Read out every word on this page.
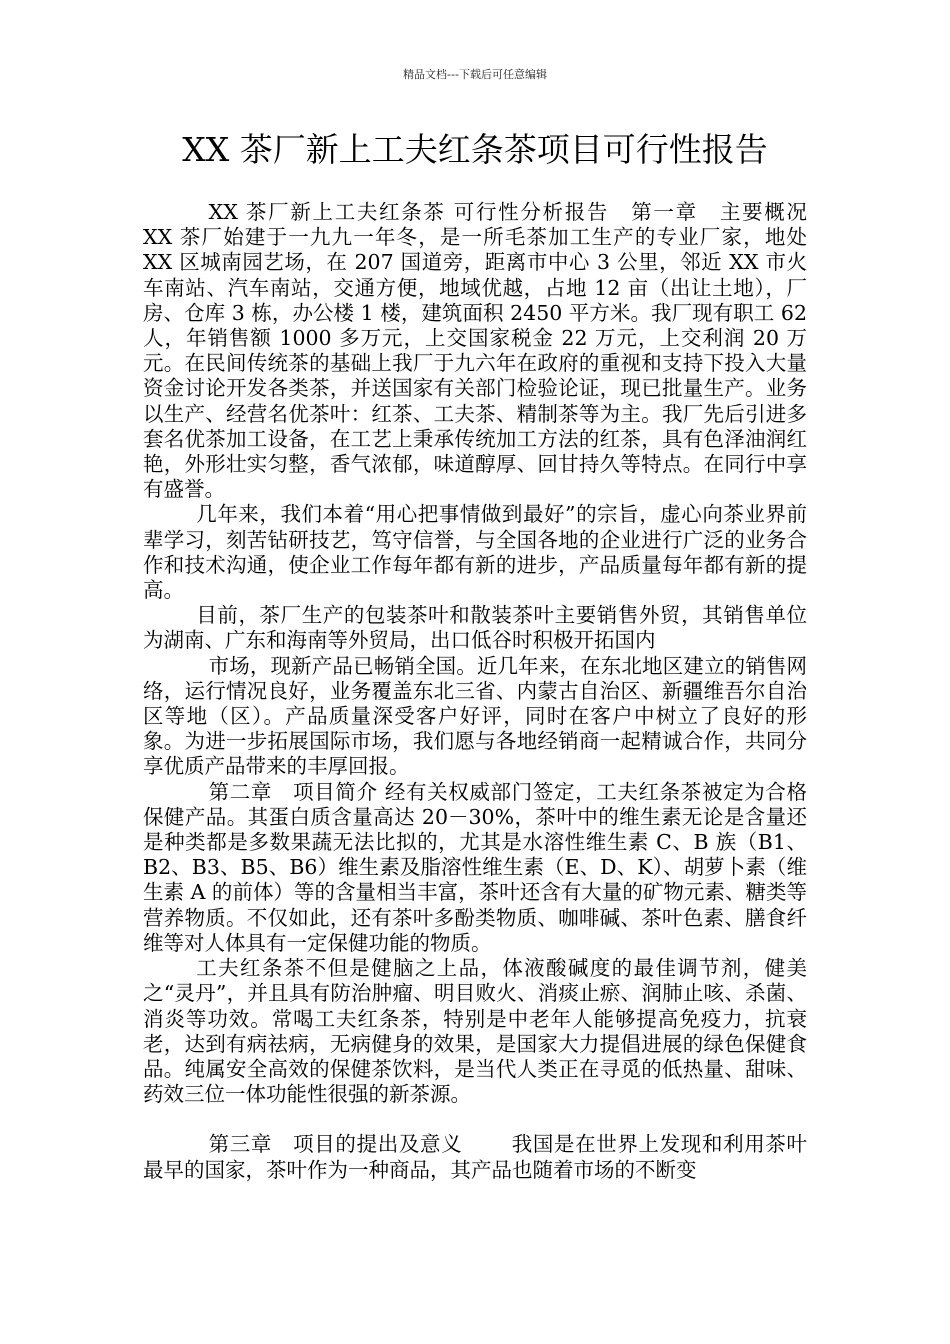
精品文档---下载后可任意编辑
XX 茶厂新上工夫红条茶项目可行性报告

XX 茶厂新上工夫红条茶 可行性分析报告　第一章　主要概况　 XX 茶厂始建于一九九一年冬，是一所毛茶加工生产的专业厂家，地处 XX 区城南园艺场，在 207 国道旁，距离市中心 3 公里，邻近 XX 市火车南站、汽车南站，交通方便，地域优越，占地 12 亩（出让土地），厂房、仓库 3 栋，办公楼 1 楼，建筑面积 2450 平方米。我厂现有职工 62 人，年销售额 1000 多万元，上交国家税金 22 万元，上交利润 20 万元。在民间传统茶的基础上我厂于九六年在政府的重视和支持下投入大量资金讨论开发各类茶，并送国家有关部门检验论证，现已批量生产。业务以生产、经营名优茶叶：红茶、工夫茶、精制茶等为主。我厂先后引进多套名优茶加工设备，在工艺上秉承传统加工方法的红茶，具有色泽油润红艳，外形壮实匀整，香气浓郁，味道醇厚、回甘持久等特点。在同行中享有盛誉。

几年来，我们本着“用心把事情做到最好”的宗旨，虚心向茶业界前辈学习，刻苦钻研技艺，笃守信誉，与全国各地的企业进行广泛的业务合作和技术沟通，使企业工作每年都有新的进步，产品质量每年都有新的提高。

目前，茶厂生产的包装茶叶和散装茶叶主要销售外贸，其销售单位为湖南、广东和海南等外贸局，出口低谷时积极开拓国内

市场，现新产品已畅销全国。近几年来，在东北地区建立的销售网络，运行情况良好，业务覆盖东北三省、内蒙古自治区、新疆维吾尔自治区等地（区）。产品质量深受客户好评，同时在客户中树立了良好的形象。为进一步拓展国际市场，我们愿与各地经销商一起精诚合作，共同分享优质产品带来的丰厚回报。

第二章　项目简介 经有关权威部门签定，工夫红条茶被定为合格保健产品。其蛋白质含量高达 20－30%，茶叶中的维生素无论是含量还是种类都是多数果蔬无法比拟的，尤其是水溶性维生素 C、B 族（B1、B2、B3、B5、B6）维生素及脂溶性维生素（E、D、K）、胡萝卜素（维生素 A 的前体）等的含量相当丰富，茶叶还含有大量的矿物元素、糖类等营养物质。不仅如此，还有茶叶多酚类物质、咖啡碱、茶叶色素、膳食纤维等对人体具有一定保健功能的物质。

工夫红条茶不但是健脑之上品，体液酸碱度的最佳调节剂，健美之“灵丹”，并且具有防治肿瘤、明目败火、消痰止瘀、润肺止咳、杀菌、消炎等功效。常喝工夫红条茶，特别是中老年人能够提高免疫力，抗衰老，达到有病祛病，无病健身的效果，是国家大力提倡进展的绿色保健食品。纯属安全高效的保健茶饮料，是当代人类正在寻觅的低热量、甜味、药效三位一体功能性很强的新茶源。

第三章　项目的提出及意义　　 我国是在世界上发现和利用茶叶最早的国家，茶叶作为一种商品，其产品也随着市场的不断变
